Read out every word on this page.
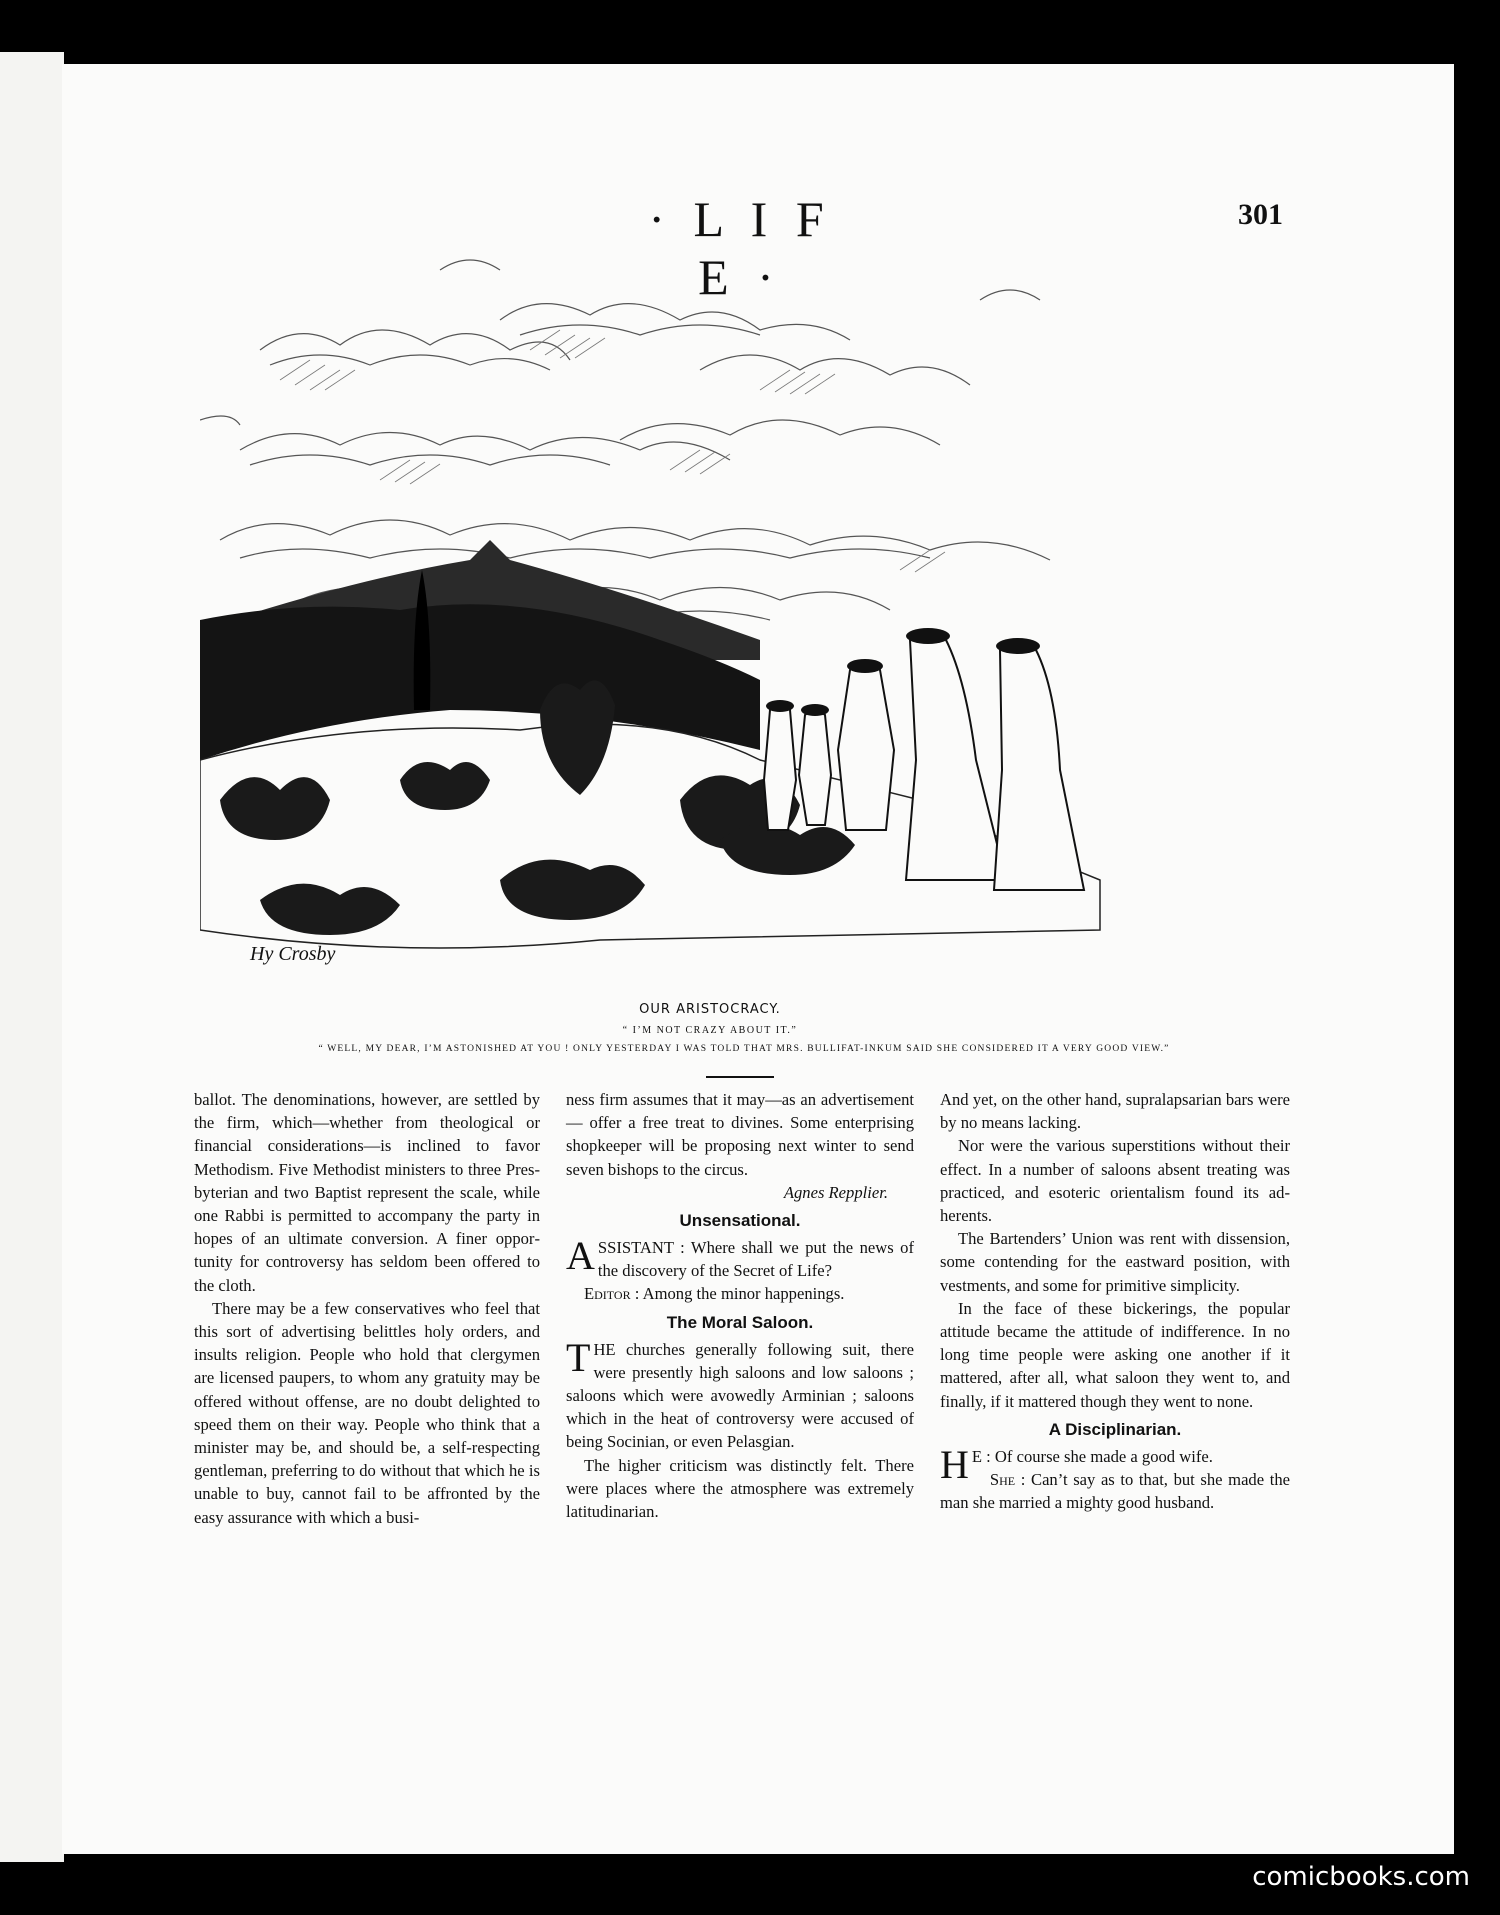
· L I F E ·
301
Hy Crosby
OUR ARISTOCRACY.
“ I’M NOT CRAZY ABOUT IT.”
“ WELL, MY DEAR, I’M ASTONISHED AT YOU ! ONLY YESTERDAY I WAS TOLD THAT MRS. BULLIFAT-INKUM SAID SHE CONSIDERED IT A VERY GOOD VIEW.”

ballot. The denominations, however, are settled by the firm, which—whether from theological or financial considerations—is inclined to favor Methodism. Five Methodist ministers to three Presbyterian and two Baptist represent the scale, while one Rabbi is permitted to accompany the party in hopes of an ultimate conversion. A finer opportunity for controversy has seldom been offered to the cloth.

There may be a few conservatives who feel that this sort of advertising belittles holy orders, and insults religion. People who hold that clergymen are licensed paupers, to whom any gratuity may be offered without offense, are no doubt delighted to speed them on their way. People who think that a minister may be, and should be, a self-respecting gentleman, preferring to do without that which he is unable to buy, cannot fail to be affronted by the easy assurance with which a busi-

ness firm assumes that it may—as an advertisement — offer a free treat to divines. Some enterprising shopkeeper will be proposing next winter to send seven bishops to the circus.

Agnes Repplier.

Unsensational.

ASSISTANT : Where shall we put the news of the discovery of the Secret of Life?

Editor : Among the minor happenings.

The Moral Saloon.

THE churches generally following suit, there were presently high saloons and low saloons ; saloons which were avowedly Arminian ; saloons which in the heat of controversy were accused of being Socinian, or even Pelasgian.

The higher criticism was distinctly felt. There were places where the atmosphere was extremely latitudinarian.

And yet, on the other hand, supralapsarian bars were by no means lacking.

Nor were the various superstitions without their effect. In a number of saloons absent treating was practiced, and esoteric orientalism found its adherents.

The Bartenders’ Union was rent with dissension, some contending for the eastward position, with vestments, and some for primitive simplicity.

In the face of these bickerings, the popular attitude became the attitude of indifference. In no long time people were asking one another if it mattered, after all, what saloon they went to, and finally, if it mattered though they went to none.

A Disciplinarian.

H E : Of course she made a good wife.

She : Can’t say as to that, but she made the man she married a mighty good husband.

comicbooks.com
